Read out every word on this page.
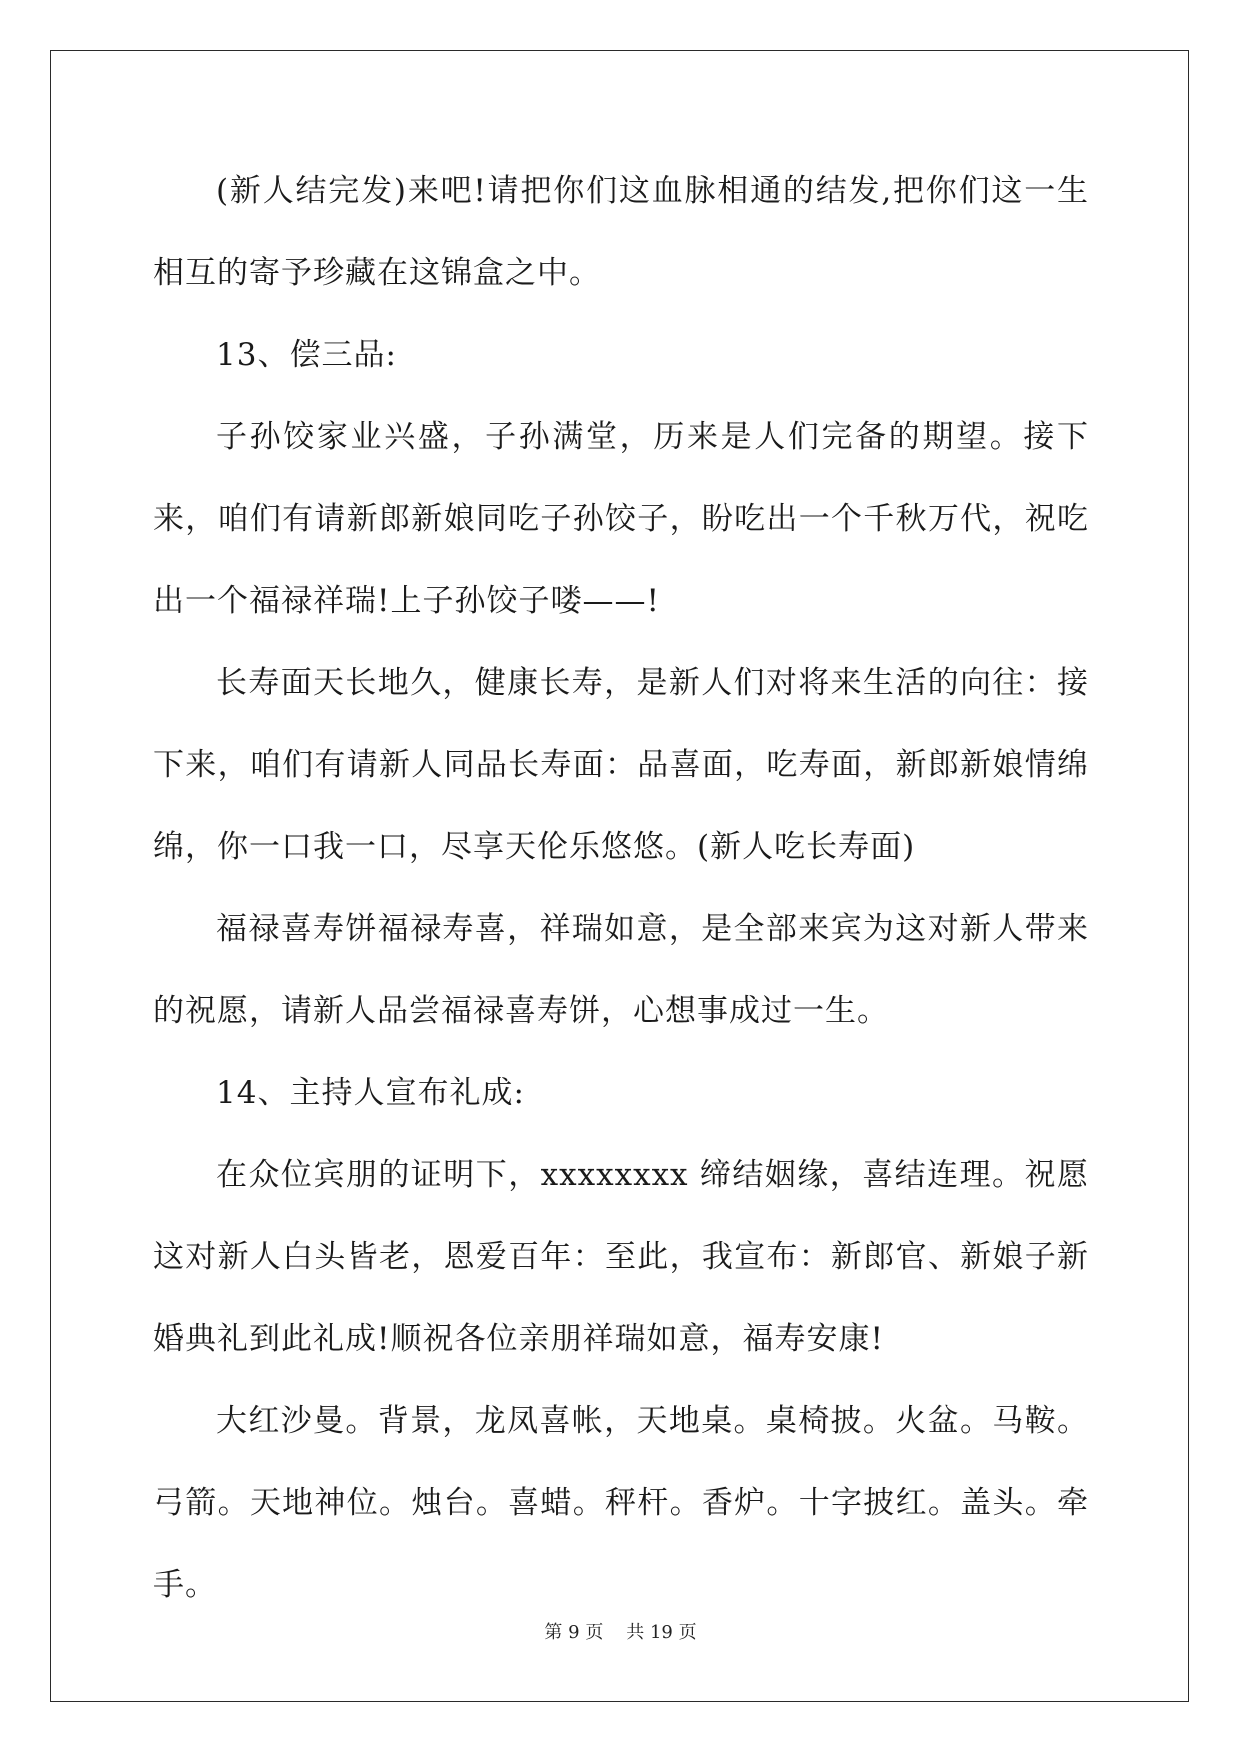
(新人结完发)来吧!请把你们这血脉相通的结发,把你们这一生相互的寄予珍藏在这锦盒之中。

13、偿三品:

子孙饺家业兴盛，子孙满堂，历来是人们完备的期望。接下来，咱们有请新郎新娘同吃子孙饺子，盼吃出一个千秋万代，祝吃出一个福禄祥瑞!上子孙饺子喽——!

长寿面天长地久，健康长寿，是新人们对将来生活的向往：接下来，咱们有请新人同品长寿面：品喜面，吃寿面，新郎新娘情绵绵，你一口我一口，尽享天伦乐悠悠。(新人吃长寿面)

福禄喜寿饼福禄寿喜，祥瑞如意，是全部来宾为这对新人带来的祝愿，请新人品尝福禄喜寿饼，心想事成过一生。

14、主持人宣布礼成:

在众位宾朋的证明下，xxxxxxxx 缔结姻缘，喜结连理。祝愿这对新人白头皆老，恩爱百年：至此，我宣布：新郎官、新娘子新婚典礼到此礼成!顺祝各位亲朋祥瑞如意，福寿安康!

大红沙曼。背景，龙凤喜帐，天地桌。桌椅披。火盆。马鞍。弓箭。天地神位。烛台。喜蜡。秤杆。香炉。十字披红。盖头。牵手。

第 9 页 共 19 页
